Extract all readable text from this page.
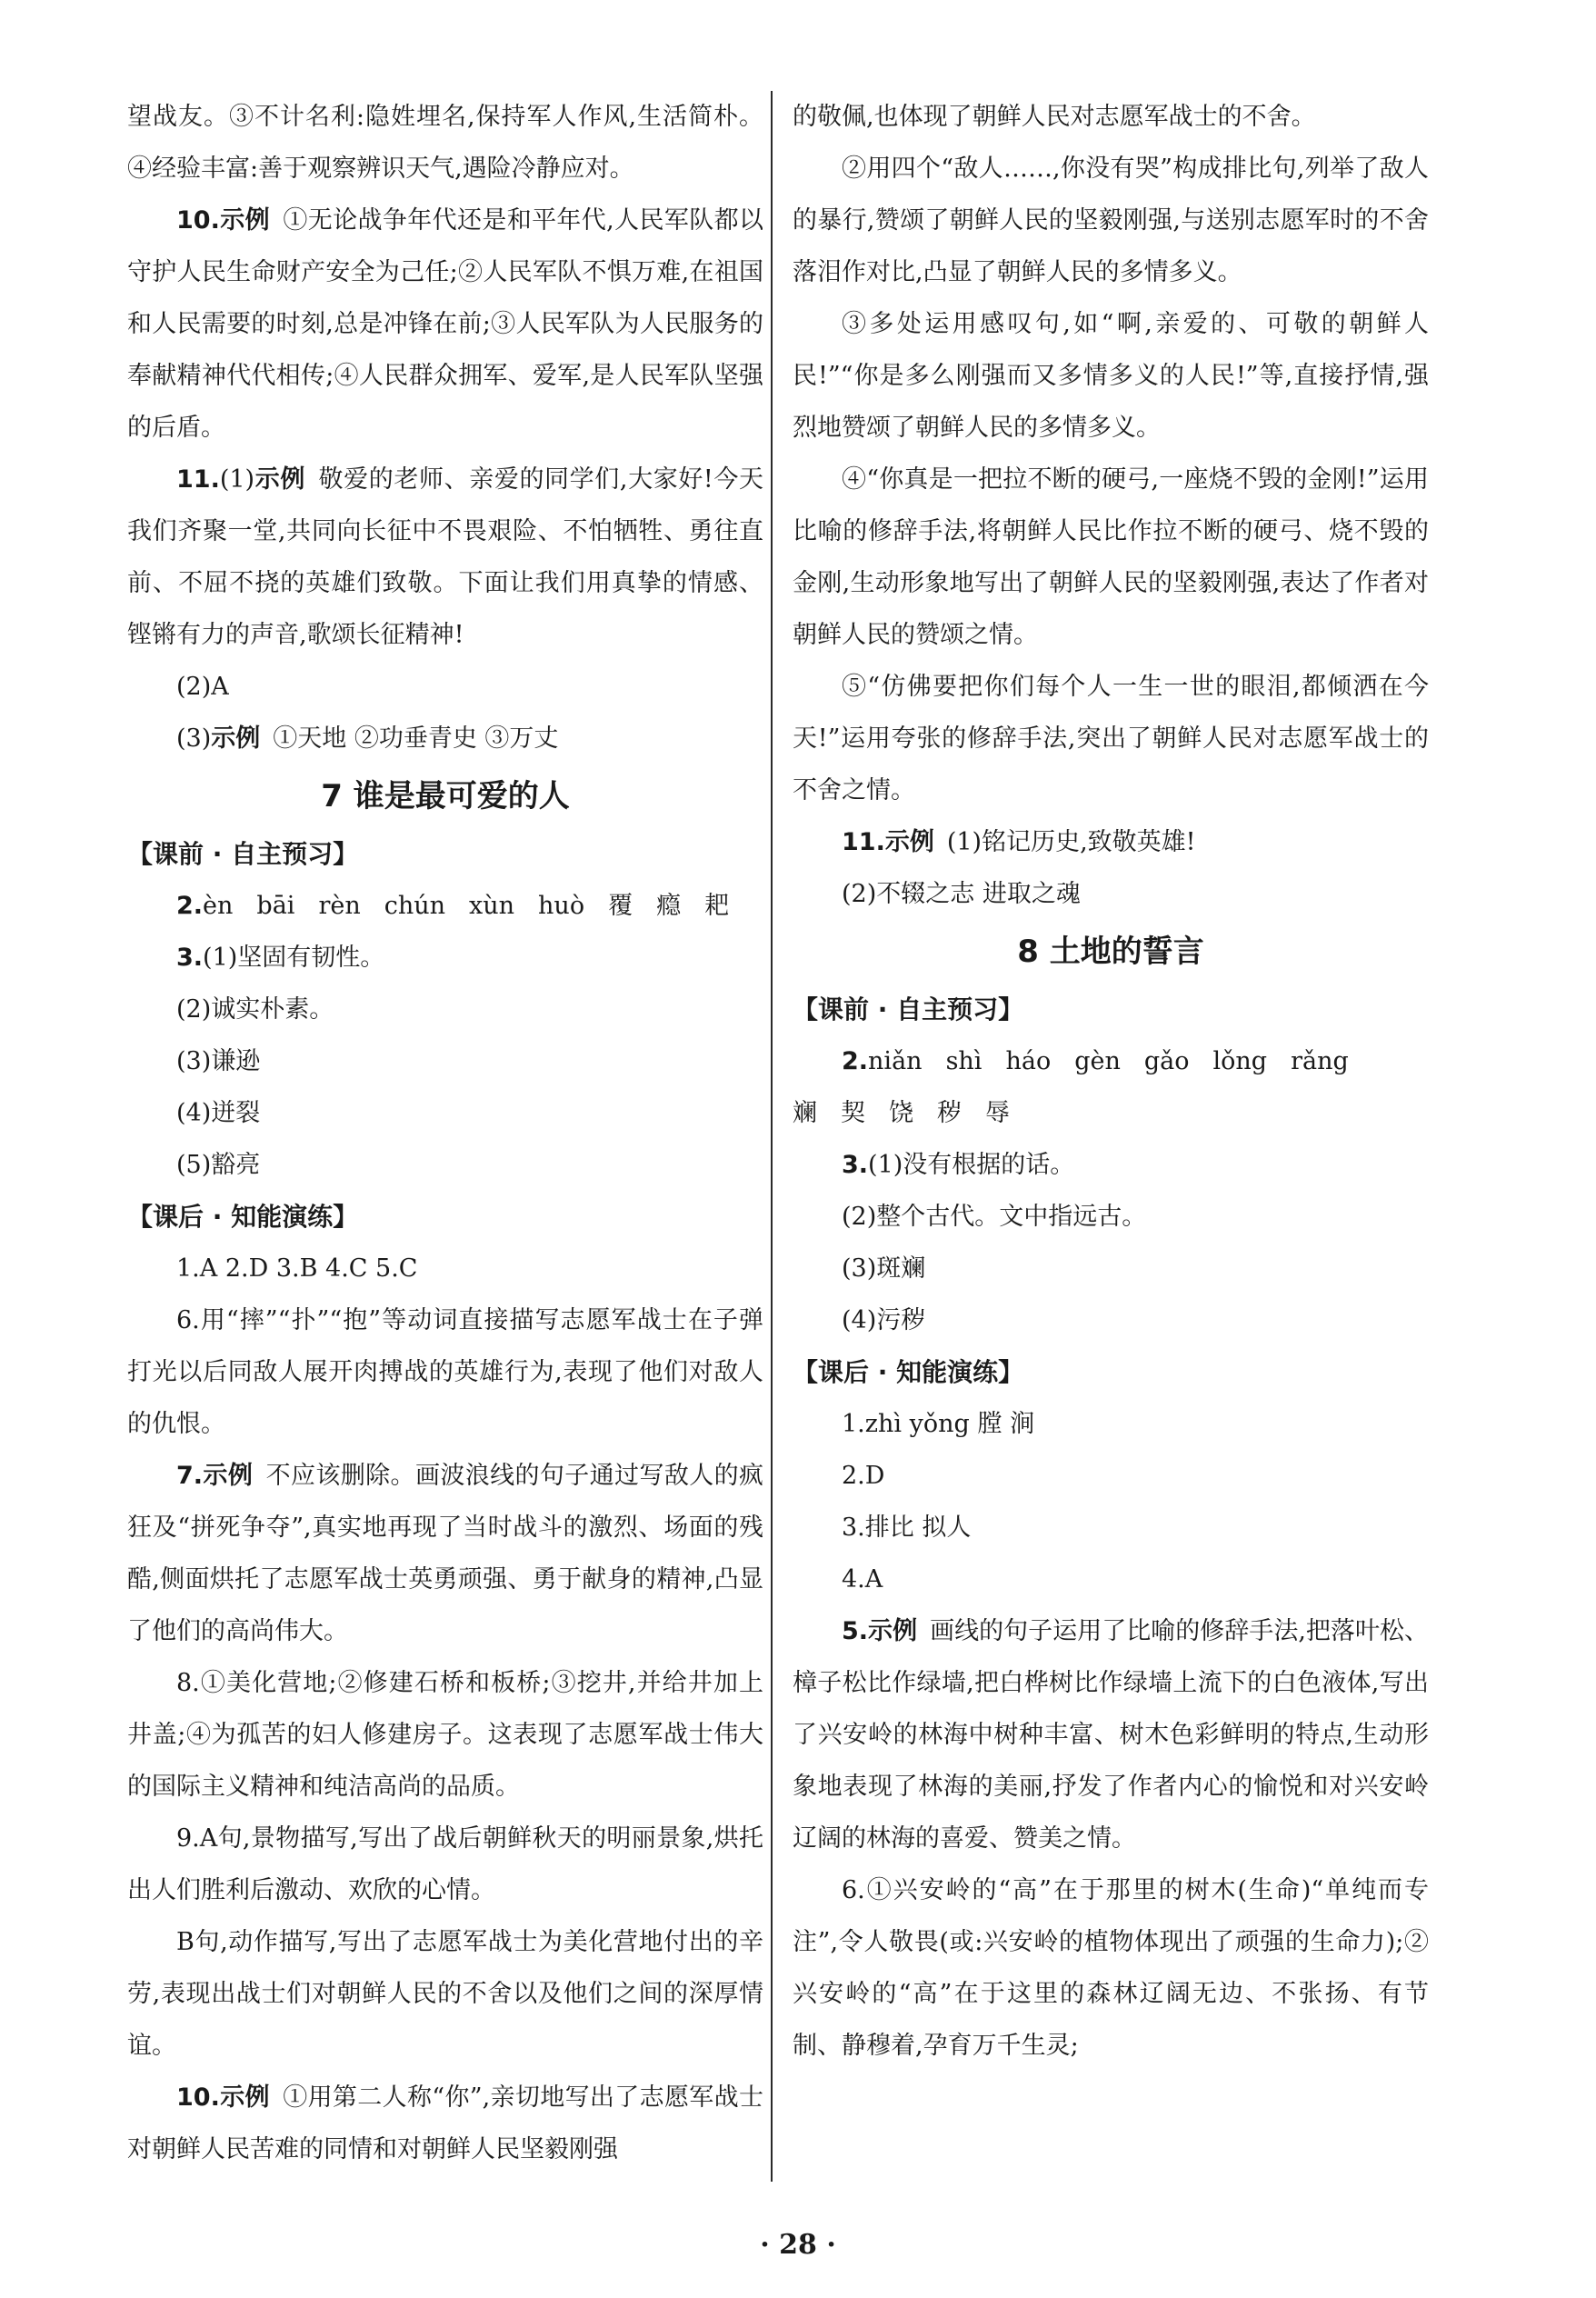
望战友。③不计名利:隐姓埋名,保持军人作风,生活简朴。④经验丰富:善于观察辨识天气,遇险冷静应对。

10.示例 ①无论战争年代还是和平年代,人民军队都以守护人民生命财产安全为己任;②人民军队不惧万难,在祖国和人民需要的时刻,总是冲锋在前;③人民军队为人民服务的奉献精神代代相传;④人民群众拥军、爱军,是人民军队坚强的后盾。

11.(1)示例 敬爱的老师、亲爱的同学们,大家好!今天我们齐聚一堂,共同向长征中不畏艰险、不怕牺牲、勇往直前、不屈不挠的英雄们致敬。下面让我们用真挚的情感、铿锵有力的声音,歌颂长征精神!

(2)A

(3)示例 ①天地 ②功垂青史 ③万丈

7 谁是最可爱的人
【课前 · 自主预习】

2.èn bāi rèn chún xùn huò 覆 瘾 耙

3.(1)坚固有韧性。

(2)诚实朴素。

(3)谦逊

(4)迸裂

(5)豁亮

【课后 · 知能演练】

1.A 2.D 3.B 4.C 5.C

6.用“摔”“扑”“抱”等动词直接描写志愿军战士在子弹打光以后同敌人展开肉搏战的英雄行为,表现了他们对敌人的仇恨。

7.示例 不应该删除。画波浪线的句子通过写敌人的疯狂及“拼死争夺”,真实地再现了当时战斗的激烈、场面的残酷,侧面烘托了志愿军战士英勇顽强、勇于献身的精神,凸显了他们的高尚伟大。

8.①美化营地;②修建石桥和板桥;③挖井,并给井加上井盖;④为孤苦的妇人修建房子。这表现了志愿军战士伟大的国际主义精神和纯洁高尚的品质。

9.A句,景物描写,写出了战后朝鲜秋天的明丽景象,烘托出人们胜利后激动、欢欣的心情。

B句,动作描写,写出了志愿军战士为美化营地付出的辛劳,表现出战士们对朝鲜人民的不舍以及他们之间的深厚情谊。

10.示例 ①用第二人称“你”,亲切地写出了志愿军战士对朝鲜人民苦难的同情和对朝鲜人民坚毅刚强

的敬佩,也体现了朝鲜人民对志愿军战士的不舍。

②用四个“敌人……,你没有哭”构成排比句,列举了敌人的暴行,赞颂了朝鲜人民的坚毅刚强,与送别志愿军时的不舍落泪作对比,凸显了朝鲜人民的多情多义。

③多处运用感叹句,如“啊,亲爱的、可敬的朝鲜人民!”“你是多么刚强而又多情多义的人民!”等,直接抒情,强烈地赞颂了朝鲜人民的多情多义。

④“你真是一把拉不断的硬弓,一座烧不毁的金刚!”运用比喻的修辞手法,将朝鲜人民比作拉不断的硬弓、烧不毁的金刚,生动形象地写出了朝鲜人民的坚毅刚强,表达了作者对朝鲜人民的赞颂之情。

⑤“仿佛要把你们每个人一生一世的眼泪,都倾洒在今天!”运用夸张的修辞手法,突出了朝鲜人民对志愿军战士的不舍之情。

11.示例 (1)铭记历史,致敬英雄!

(2)不辍之志 进取之魂

8 土地的誓言
【课前 · 自主预习】

2.niǎn shì háo gèn gǎo lǒng rǎng

斓 契 饶 秽 辱

3.(1)没有根据的话。

(2)整个古代。文中指远古。

(3)斑斓

(4)污秽

【课后 · 知能演练】

1.zhì yǒng 膛 涧

2.D

3.排比 拟人

4.A

5.示例 画线的句子运用了比喻的修辞手法,把落叶松、樟子松比作绿墙,把白桦树比作绿墙上流下的白色液体,写出了兴安岭的林海中树种丰富、树木色彩鲜明的特点,生动形象地表现了林海的美丽,抒发了作者内心的愉悦和对兴安岭辽阔的林海的喜爱、赞美之情。

6.①兴安岭的“高”在于那里的树木(生命)“单纯而专注”,令人敬畏(或:兴安岭的植物体现出了顽强的生命力);②兴安岭的“高”在于这里的森林辽阔无边、不张扬、有节制、静穆着,孕育万千生灵;

· 28 ·
